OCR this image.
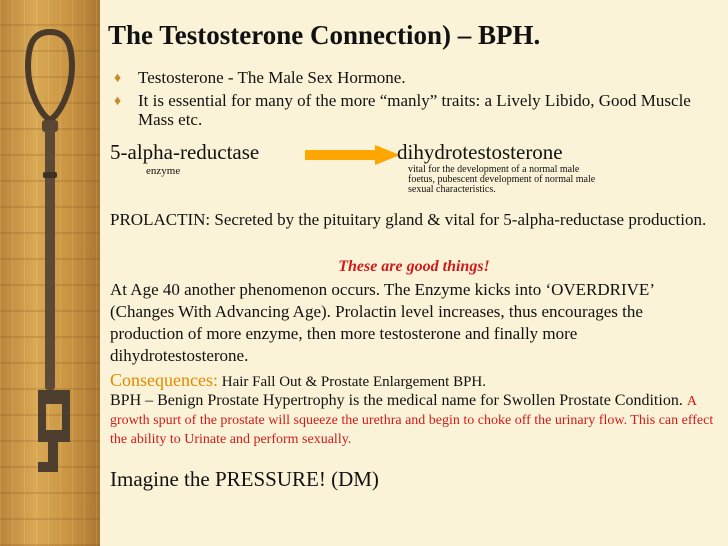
The Testosterone Connection) – BPH.
♦ Testosterone - The Male Sex Hormone.
♦ It is essential for many of the more “manly” traits: a Lively Libido, Good Muscle Mass etc.
5-alpha-reductase
enzyme
dihydrotestosterone
vital for the development of a normal male foetus, pubescent development of normal male sexual characteristics.

PROLACTIN: Secreted by the pituitary gland & vital for 5-alpha-reductase production.

These are good things!

At Age 40 another phenomenon occurs. The Enzyme kicks into ‘OVERDRIVE’ (Changes With Advancing Age). Prolactin level increases, thus encourages the production of more enzyme, then more testosterone and finally more dihydrotestosterone.

Consequences: Hair Fall Out & Prostate Enlargement BPH.

BPH – Benign Prostate Hypertrophy is the medical name for Swollen Prostate Condition. A growth spurt of the prostate will squeeze the urethra and begin to choke off the urinary flow. This can effect the ability to Urinate and perform sexually.

Imagine the PRESSURE! (DM)
